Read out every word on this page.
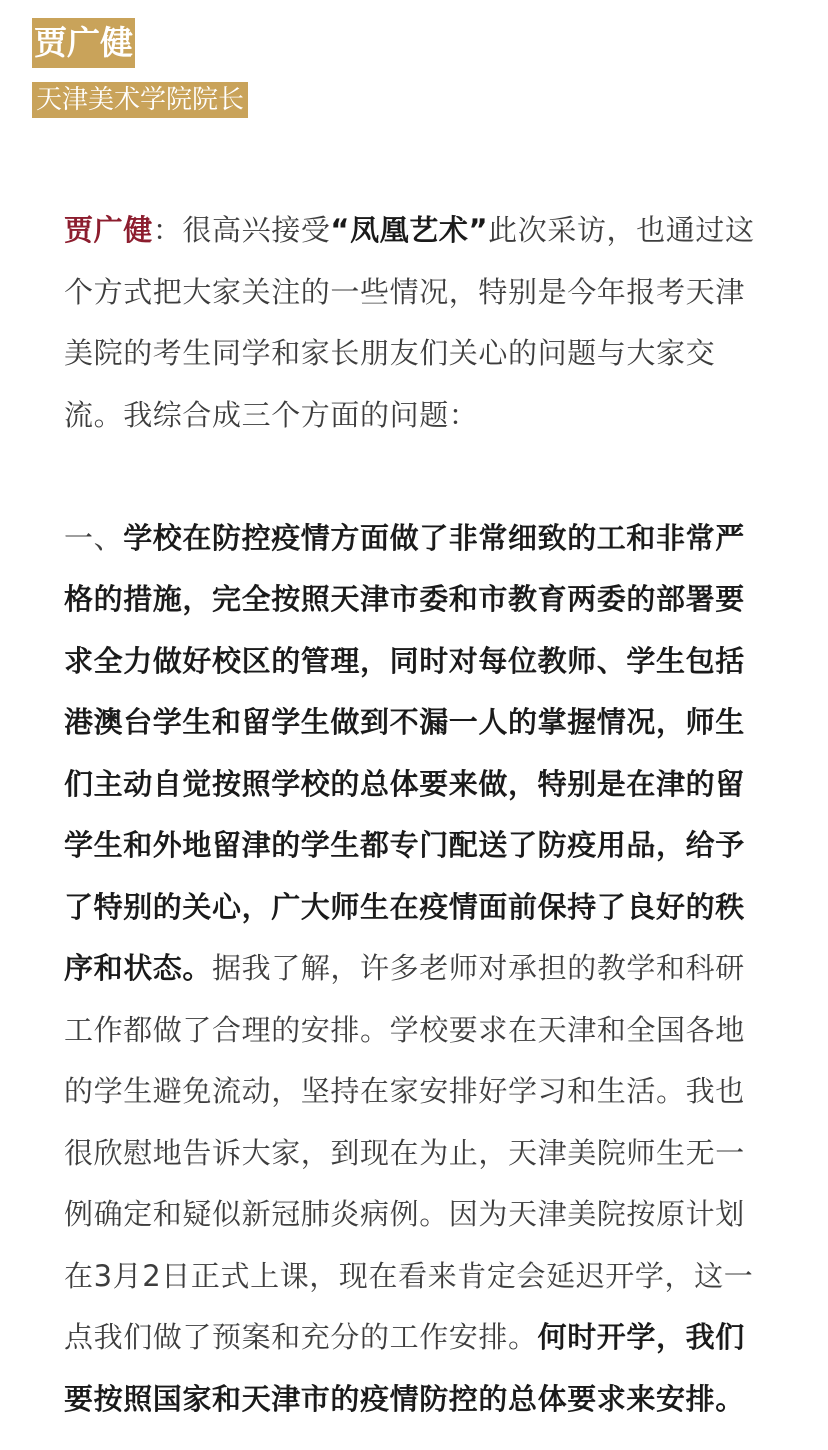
贾广健
天津美术学院院长

贾广健：很高兴接受“凤凰艺术”此次采访，也通过这个方式把大家关注的一些情况，特别是今年报考天津美院的考生同学和家长朋友们关心的问题与大家交流。我综合成三个方面的问题：

一、学校在防控疫情方面做了非常细致的工和非常严格的措施，完全按照天津市委和市教育两委的部署要求全力做好校区的管理，同时对每位教师、学生包括港澳台学生和留学生做到不漏一人的掌握情况，师生们主动自觉按照学校的总体要来做，特别是在津的留学生和外地留津的学生都专门配送了防疫用品，给予了特别的关心，广大师生在疫情面前保持了良好的秩序和状态。据我了解，许多老师对承担的教学和科研工作都做了合理的安排。学校要求在天津和全国各地的学生避免流动，坚持在家安排好学习和生活。我也很欣慰地告诉大家，到现在为止，天津美院师生无一例确定和疑似新冠肺炎病例。因为天津美院按原计划在3月2日正式上课，现在看来肯定会延迟开学，这一点我们做了预案和充分的工作安排。何时开学，我们要按照国家和天津市的疫情防控的总体要求来安排。
